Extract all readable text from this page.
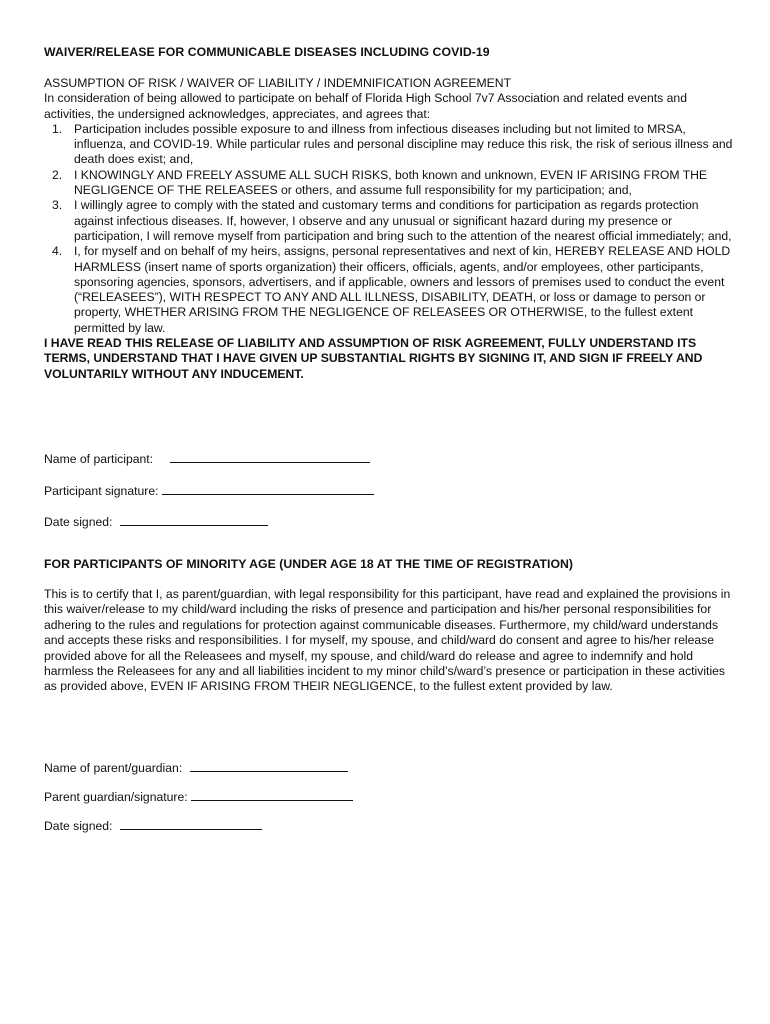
WAIVER/RELEASE FOR COMMUNICABLE DISEASES INCLUDING COVID-19

ASSUMPTION OF RISK / WAIVER OF LIABILITY / INDEMNIFICATION AGREEMENT

In consideration of being allowed to participate on behalf of Florida High School 7v7 Association and related events and activities, the undersigned acknowledges, appreciates, and agrees that:

1. Participation includes possible exposure to and illness from infectious diseases including but not limited to MRSA, influenza, and COVID-19. While particular rules and personal discipline may reduce this risk, the risk of serious illness and death does exist; and,
2. I KNOWINGLY AND FREELY ASSUME ALL SUCH RISKS, both known and unknown, EVEN IF ARISING FROM THE NEGLIGENCE OF THE RELEASEES or others, and assume full responsibility for my participation; and,
3. I willingly agree to comply with the stated and customary terms and conditions for participation as regards protection against infectious diseases. If, however, I observe and any unusual or significant hazard during my presence or participation, I will remove myself from participation and bring such to the attention of the nearest official immediately; and,
4. I, for myself and on behalf of my heirs, assigns, personal representatives and next of kin, HEREBY RELEASE AND HOLD HARMLESS (insert name of sports organization) their officers, officials, agents, and/or employees, other participants, sponsoring agencies, sponsors, advertisers, and if applicable, owners and lessors of premises used to conduct the event (“RELEASEES”), WITH RESPECT TO ANY AND ALL ILLNESS, DISABILITY, DEATH, or loss or damage to person or property, WHETHER ARISING FROM THE NEGLIGENCE OF RELEASEES OR OTHERWISE, to the fullest extent permitted by law.

I HAVE READ THIS RELEASE OF LIABILITY AND ASSUMPTION OF RISK AGREEMENT, FULLY UNDERSTAND ITS TERMS, UNDERSTAND THAT I HAVE GIVEN UP SUBSTANTIAL RIGHTS BY SIGNING IT, AND SIGN IF FREELY AND VOLUNTARILY WITHOUT ANY INDUCEMENT.

Name of participant:
Participant signature:
Date signed:
FOR PARTICIPANTS OF MINORITY AGE (UNDER AGE 18 AT THE TIME OF REGISTRATION)

This is to certify that I, as parent/guardian, with legal responsibility for this participant, have read and explained the provisions in this waiver/release to my child/ward including the risks of presence and participation and his/her personal responsibilities for adhering to the rules and regulations for protection against communicable diseases. Furthermore, my child/ward understands and accepts these risks and responsibilities. I for myself, my spouse, and child/ward do consent and agree to his/her release provided above for all the Releasees and myself, my spouse, and child/ward do release and agree to indemnify and hold harmless the Releasees for any and all liabilities incident to my minor child’s/ward’s presence or participation in these activities as provided above, EVEN IF ARISING FROM THEIR NEGLIGENCE, to the fullest extent provided by law.

Name of parent/guardian:
Parent guardian/signature:
Date signed:
